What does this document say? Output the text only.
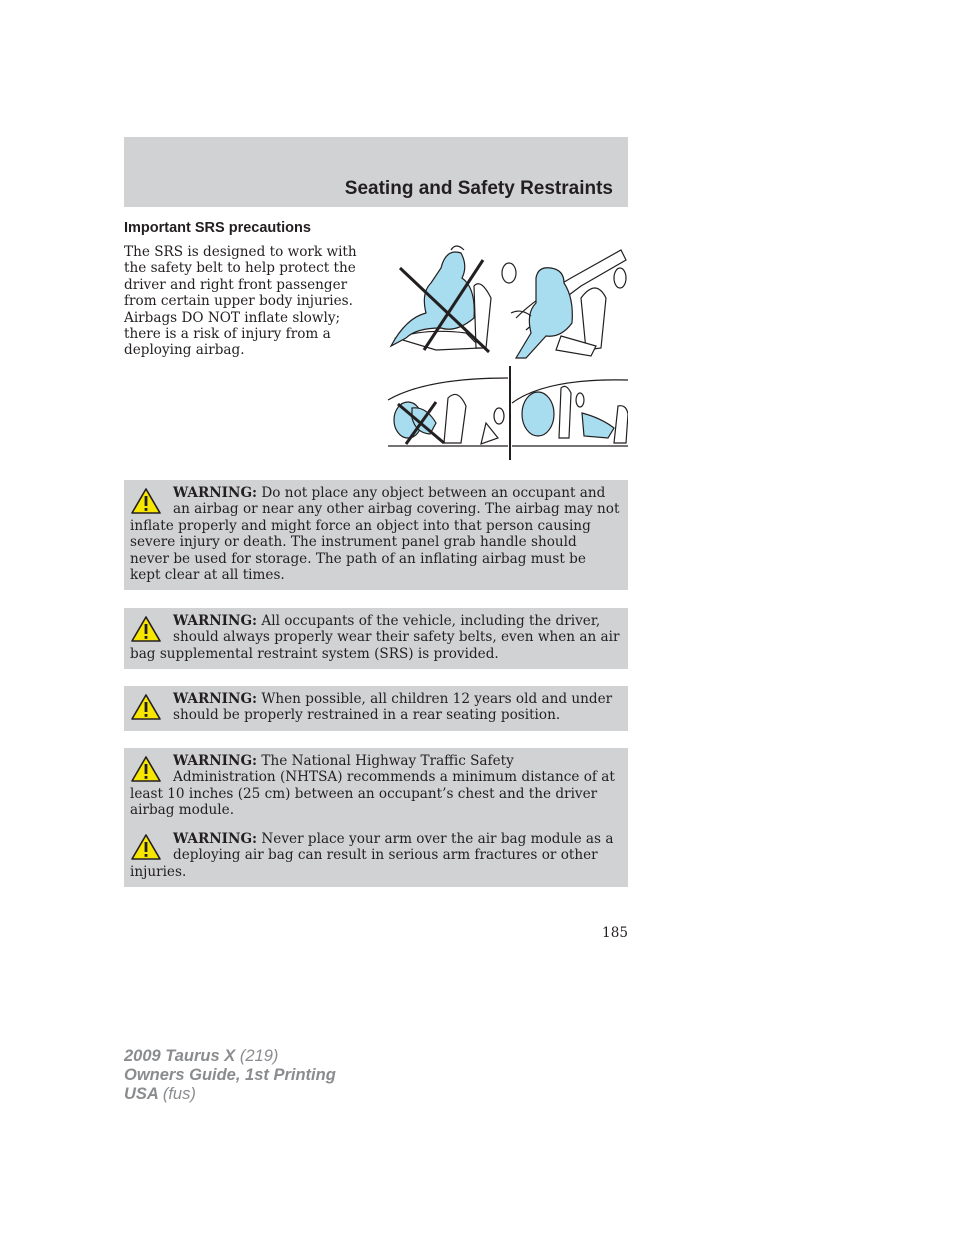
Seating and Safety Restraints
Important SRS precautions

The SRS is designed to work with the safety belt to help protect the driver and right front passenger from certain upper body injuries. Airbags DO NOT inflate slowly; there is a risk of injury from a deploying airbag.

WARNING: Do not place any object between an occupant and an airbag or near any other airbag covering. The airbag may not inflate properly and might force an object into that person causing severe injury or death. The instrument panel grab handle should never be used for storage. The path of an inflating airbag must be kept clear at all times.
WARNING: All occupants of the vehicle, including the driver, should always properly wear their safety belts, even when an air bag supplemental restraint system (SRS) is provided.
WARNING: When possible, all children 12 years old and under should be properly restrained in a rear seating position.
WARNING: The National Highway Traffic Safety Administration (NHTSA) recommends a minimum distance of at least 10 inches (25 cm) between an occupant’s chest and the driver airbag module.
WARNING: Never place your arm over the air bag module as a deploying air bag can result in serious arm fractures or other injuries.

185

2009 Taurus X (219)
Owners Guide, 1st Printing
USA (fus)
